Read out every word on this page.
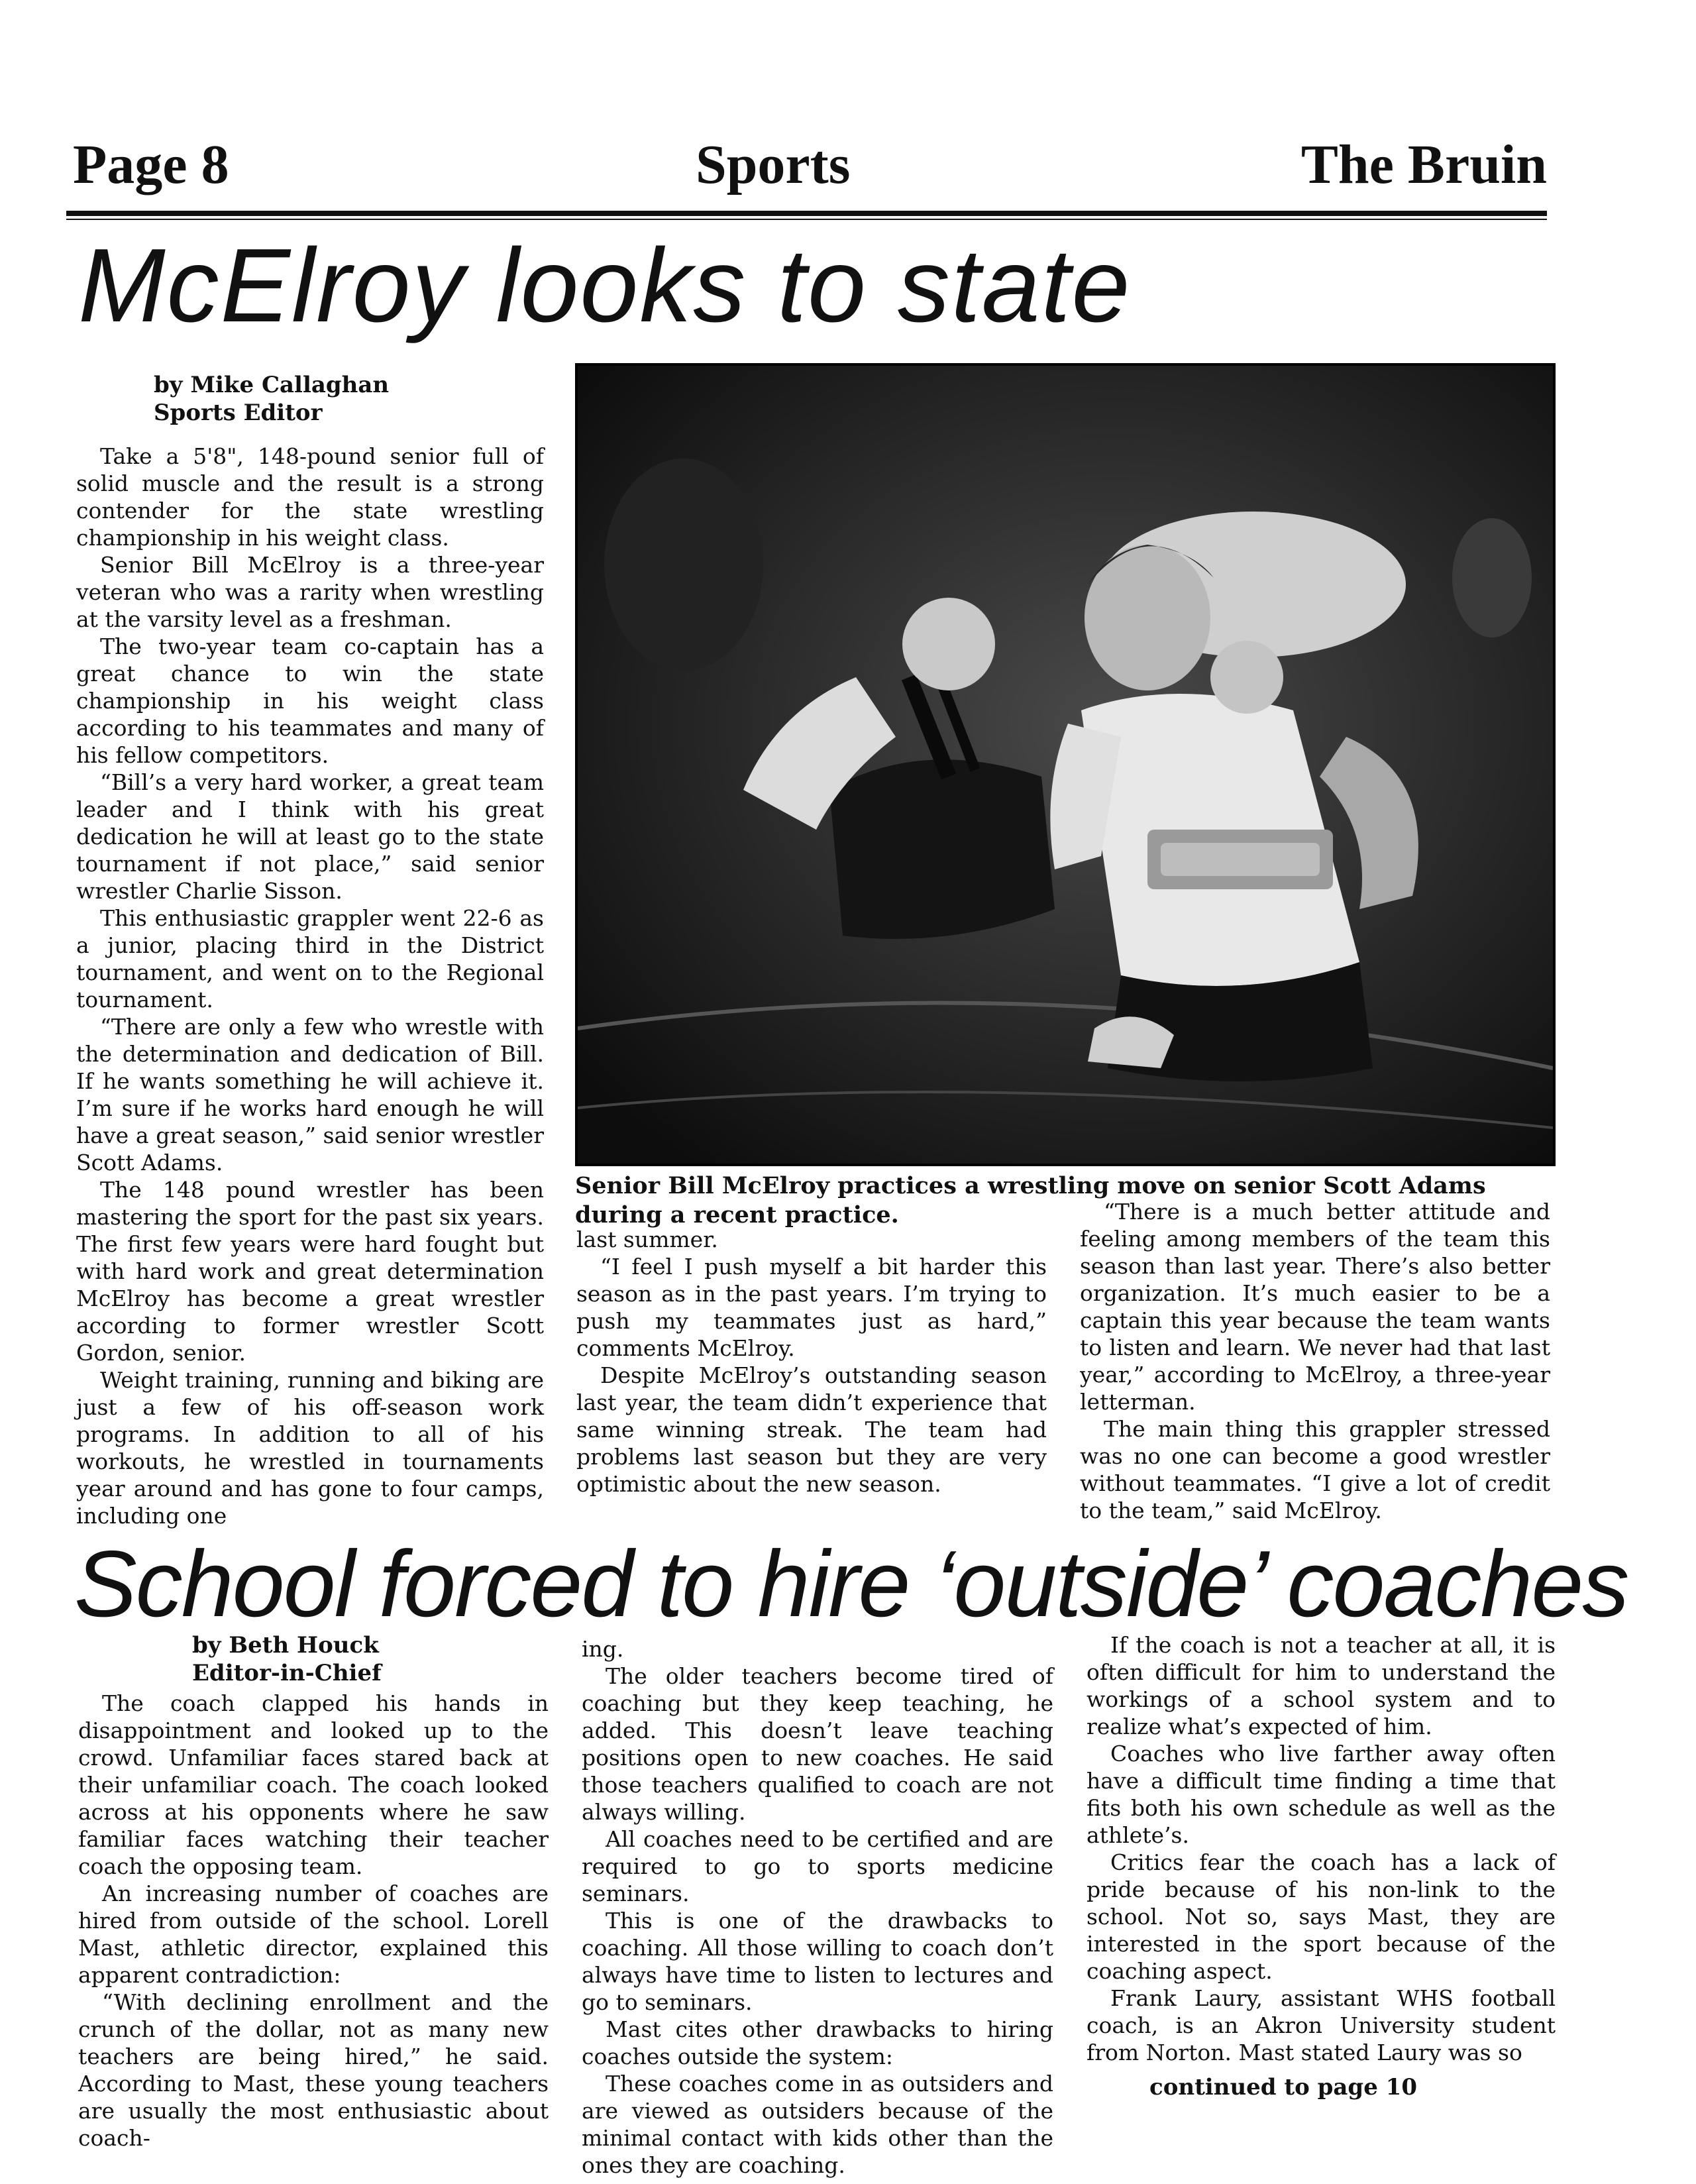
Page 8	Sports	The Bruin
McElroy looks to state
by Mike Callaghan
Sports Editor

Take a 5'8", 148-pound senior full of solid muscle and the result is a strong contender for the state wrestling championship in his weight class.

Senior Bill McElroy is a three-year veteran who was a rarity when wrestling at the varsity level as a freshman.

The two-year team co-captain has a great chance to win the state championship in his weight class according to his teammates and many of his fellow competitors.

“Bill’s a very hard worker, a great team leader and I think with his great dedication he will at least go to the state tournament if not place,” said senior wrestler Charlie Sisson.

This enthusiastic grappler went 22-6 as a junior, placing third in the District tournament, and went on to the Regional tournament.

“There are only a few who wrestle with the determination and dedication of Bill. If he wants something he will achieve it. I’m sure if he works hard enough he will have a great season,” said senior wrestler Scott Adams.

The 148 pound wrestler has been mastering the sport for the past six years. The first few years were hard fought but with hard work and great determination McElroy has become a great wrestler according to former wrestler Scott Gordon, senior.

Weight training, running and biking are just a few of his off-season work programs. In addition to all of his workouts, he wrestled in tournaments year around and has gone to four camps, including one

Senior Bill McElroy practices a wrestling move on senior Scott Adams during a recent practice.

last summer.

“I feel I push myself a bit harder this season as in the past years. I’m trying to push my teammates just as hard,” comments McElroy.

Despite McElroy’s outstanding season last year, the team didn’t experience that same winning streak. The team had problems last season but they are very optimistic about the new season.

“There is a much better attitude and feeling among members of the team this season than last year. There’s also better organization. It’s much easier to be a captain this year because the team wants to listen and learn. We never had that last year,” according to McElroy, a three-year letterman.

The main thing this grappler stressed was no one can become a good wrestler without teammates. “I give a lot of credit to the team,” said McElroy.

School forced to hire ‘outside’ coaches
by Beth Houck
Editor-in-Chief

The coach clapped his hands in disappointment and looked up to the crowd. Unfamiliar faces stared back at their unfamiliar coach. The coach looked across at his opponents where he saw familiar faces watching their teacher coach the opposing team.

An increasing number of coaches are hired from outside of the school. Lorell Mast, athletic director, explained this apparent contradiction:

“With declining enrollment and the crunch of the dollar, not as many new teachers are being hired,” he said. According to Mast, these young teachers are usually the most enthusiastic about coach-

ing.

The older teachers become tired of coaching but they keep teaching, he added. This doesn’t leave teaching positions open to new coaches. He said those teachers qualified to coach are not always willing.

All coaches need to be certified and are required to go to sports medicine seminars.

This is one of the drawbacks to coaching. All those willing to coach don’t always have time to listen to lectures and go to seminars.

Mast cites other drawbacks to hiring coaches outside the system:

These coaches come in as outsiders and are viewed as outsiders because of the minimal contact with kids other than the ones they are coaching.

If the coach is not a teacher at all, it is often difficult for him to understand the workings of a school system and to realize what’s expected of him.

Coaches who live farther away often have a difficult time finding a time that fits both his own schedule as well as the athlete’s.

Critics fear the coach has a lack of pride because of his non-link to the school. Not so, says Mast, they are interested in the sport because of the coaching aspect.

Frank Laury, assistant WHS football coach, is an Akron University student from Norton. Mast stated Laury was so

continued to page 10
